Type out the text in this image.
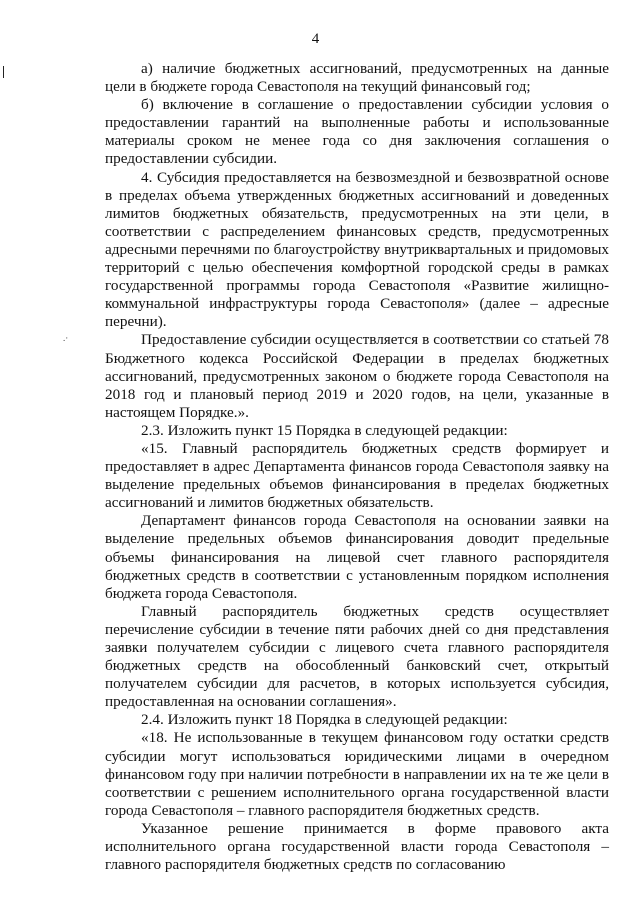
.·
4

а) наличие бюджетных ассигнований, предусмотренных на данные цели в бюджете города Севастополя на текущий финансовый год;

б) включение в соглашение о предоставлении субсидии условия о предоставлении гарантий на выполненные работы и использованные материалы сроком не менее года со дня заключения соглашения о предоставлении субсидии.

4. Субсидия предоставляется на безвозмездной и безвозвратной основе в пределах объема утвержденных бюджетных ассигнований и доведенных лимитов бюджетных обязательств, предусмотренных на эти цели, в соответствии с распределением финансовых средств, предусмотренных адресными перечнями по благоустройству внутриквартальных и придомовых территорий с целью обеспечения комфортной городской среды в рамках государственной программы города Севастополя «Развитие жилищно-коммунальной инфраструктуры города Севастополя» (далее – адресные перечни).

Предоставление субсидии осуществляется в соответствии со статьей 78 Бюджетного кодекса Российской Федерации в пределах бюджетных ассигнований, предусмотренных законом о бюджете города Севастополя на 2018 год и плановый период 2019 и 2020 годов, на цели, указанные в настоящем Порядке.».

2.3. Изложить пункт 15 Порядка в следующей редакции:

«15. Главный распорядитель бюджетных средств формирует и предоставляет в адрес Департамента финансов города Севастополя заявку на выделение предельных объемов финансирования в пределах бюджетных ассигнований и лимитов бюджетных обязательств.

Департамент финансов города Севастополя на основании заявки на выделение предельных объемов финансирования доводит предельные объемы финансирования на лицевой счет главного распорядителя бюджетных средств в соответствии с установленным порядком исполнения бюджета города Севастополя.

Главный распорядитель бюджетных средств осуществляет перечисление субсидии в течение пяти рабочих дней со дня представления заявки получателем субсидии с лицевого счета главного распорядителя бюджетных средств на обособленный банковский счет, открытый получателем субсидии для расчетов, в которых используется субсидия, предоставленная на основании соглашения».

2.4. Изложить пункт 18 Порядка в следующей редакции:

«18. Не использованные в текущем финансовом году остатки средств субсидии могут использоваться юридическими лицами в очередном финансовом году при наличии потребности в направлении их на те же цели в соответствии с решением исполнительного органа государственной власти города Севастополя – главного распорядителя бюджетных средств.

Указанное решение принимается в форме правового акта исполнительного органа государственной власти города Севастополя – главного распорядителя бюджетных средств по согласованию
